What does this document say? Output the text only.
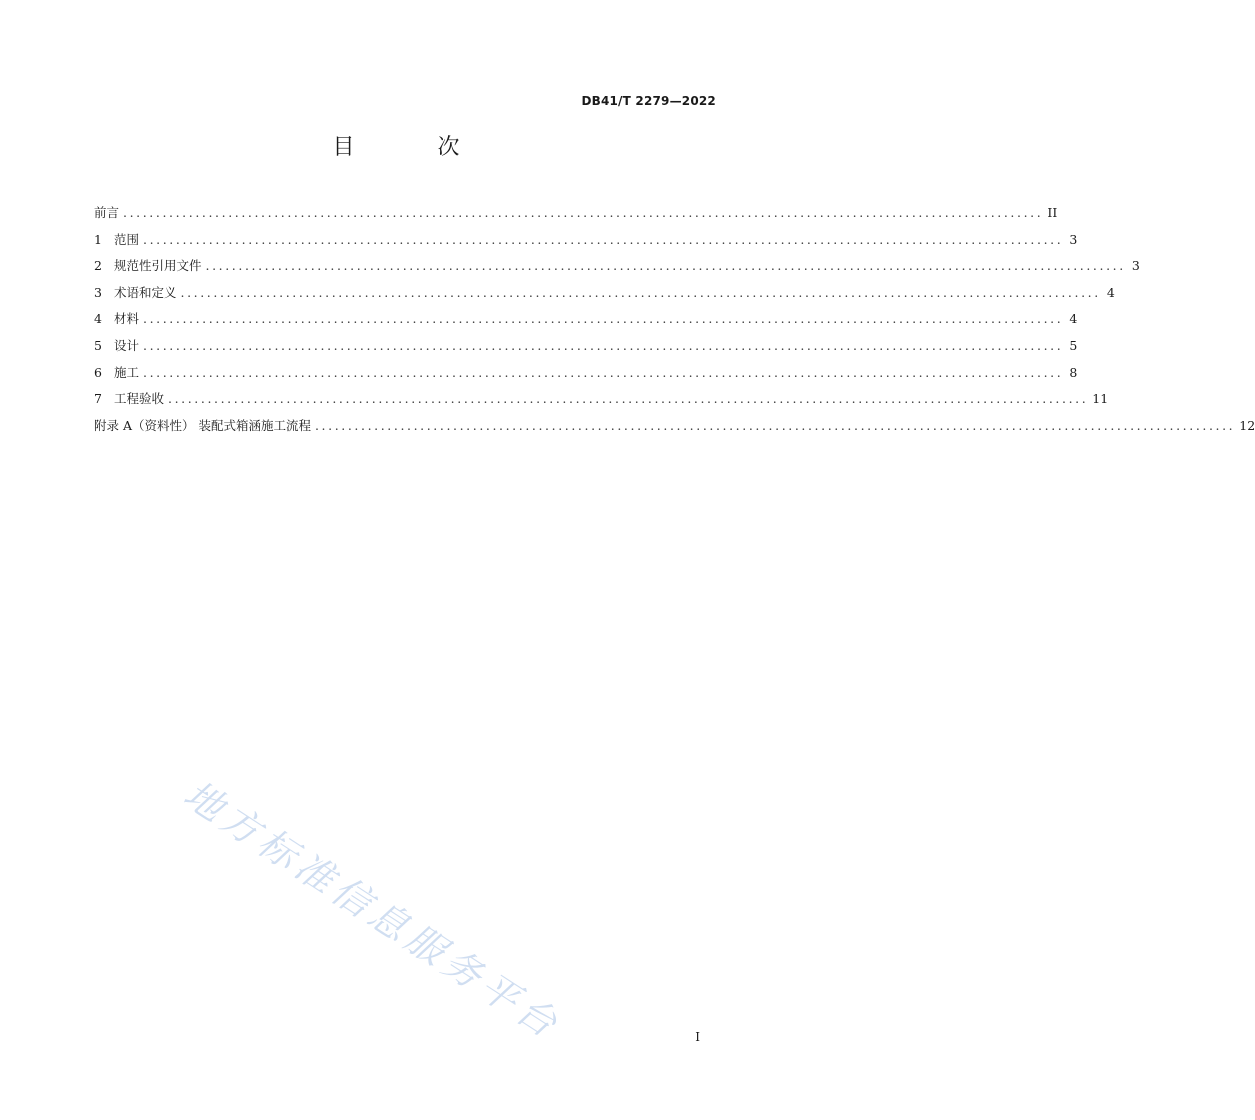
DB41/T 2279—2022
目 次
前言 ............................................................................................................................................ II
1 范围 ............................................................................................................................................ 3
2 规范性引用文件 ............................................................................................................................................ 3
3 术语和定义 ............................................................................................................................................ 4
4 材料 ............................................................................................................................................ 4
5 设计 ............................................................................................................................................ 5
6 施工 ............................................................................................................................................ 8
7 工程验收 ............................................................................................................................................ 11
附录 A（资料性） 装配式箱涵施工流程 ............................................................................................................................................ 12
地方标准信息服务平台	I
